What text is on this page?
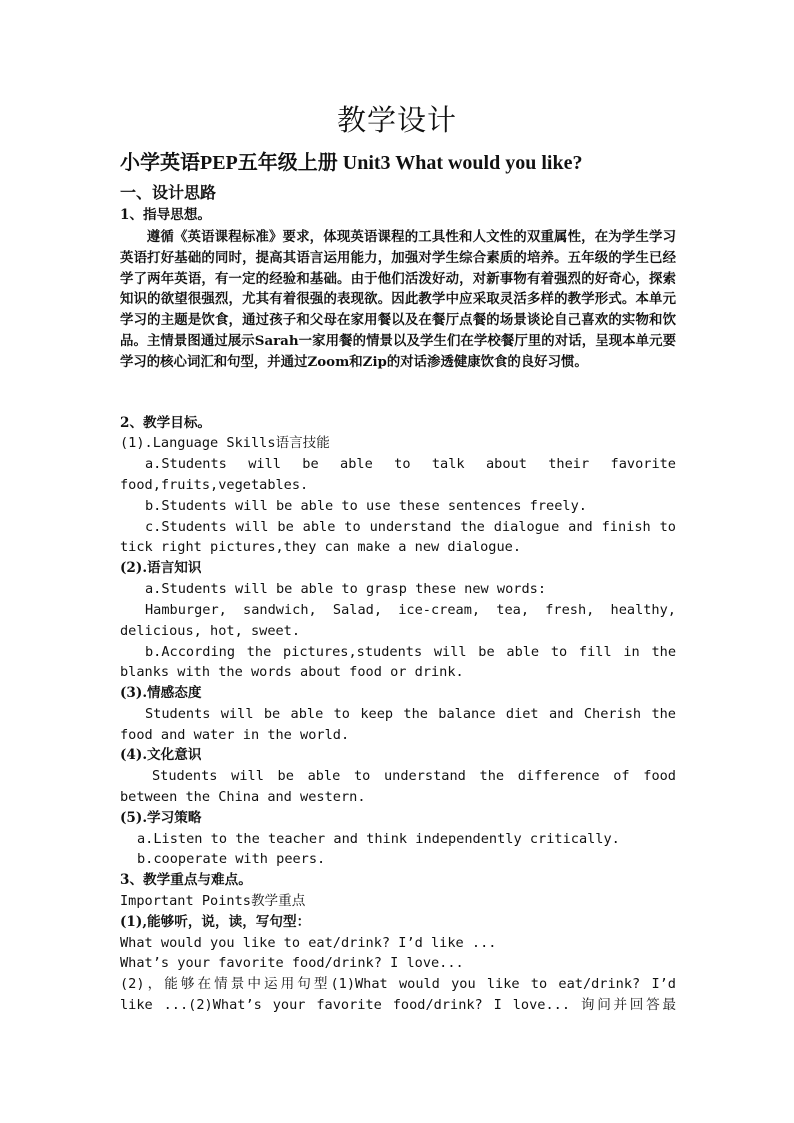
教学设计
小学英语PEP五年级上册 Unit3 What would you like?
一、设计思路
1、指导思想。
遵循《英语课程标准》要求，体现英语课程的工具性和人文性的双重属性，在为学生学习英语打好基础的同时，提高其语言运用能力，加强对学生综合素质的培养。五年级的学生已经学了两年英语，有一定的经验和基础。由于他们活泼好动，对新事物有着强烈的好奇心，探索知识的欲望很强烈，尤其有着很强的表现欲。因此教学中应采取灵活多样的教学形式。本单元学习的主题是饮食，通过孩子和父母在家用餐以及在餐厅点餐的场景谈论自己喜欢的实物和饮品。主情景图通过展示Sarah一家用餐的情景以及学生们在学校餐厅里的对话，呈现本单元要学习的核心词汇和句型，并通过Zoom和Zip的对话渗透健康饮食的良好习惯。
2、教学目标。
(1).Language Skills语言技能
a.Students will be able to talk about their favorite
food,fruits,vegetables.
b.Students will be able to use these sentences freely.
c.Students will be able to understand the dialogue and finish to
tick right pictures,they can make a new dialogue.
(2).语言知识
a.Students will be able to grasp these new words:
Hamburger, sandwich, Salad, ice-cream, tea, fresh, healthy,
delicious, hot, sweet.
b.According the pictures,students will be able to fill in the
blanks with the words about food or drink.
(3).情感态度
Students will be able to keep the balance diet and Cherish the
food and water in the world.
(4).文化意识
Students will be able to understand the difference of food
between the China and western.
(5).学习策略
a.Listen to the teacher and think independently critically.
b.cooperate with peers.
3、教学重点与难点。
Important Points教学重点
(1),能够听，说，读，写句型：
What would you like to eat/drink? I’d like ...
What’s your favorite food/drink? I love...
(2)，能够在情景中运用句型(1)What would you like to eat/drink? I’d
like ...(2)What’s your favorite food/drink? I love... 询问并回答最
